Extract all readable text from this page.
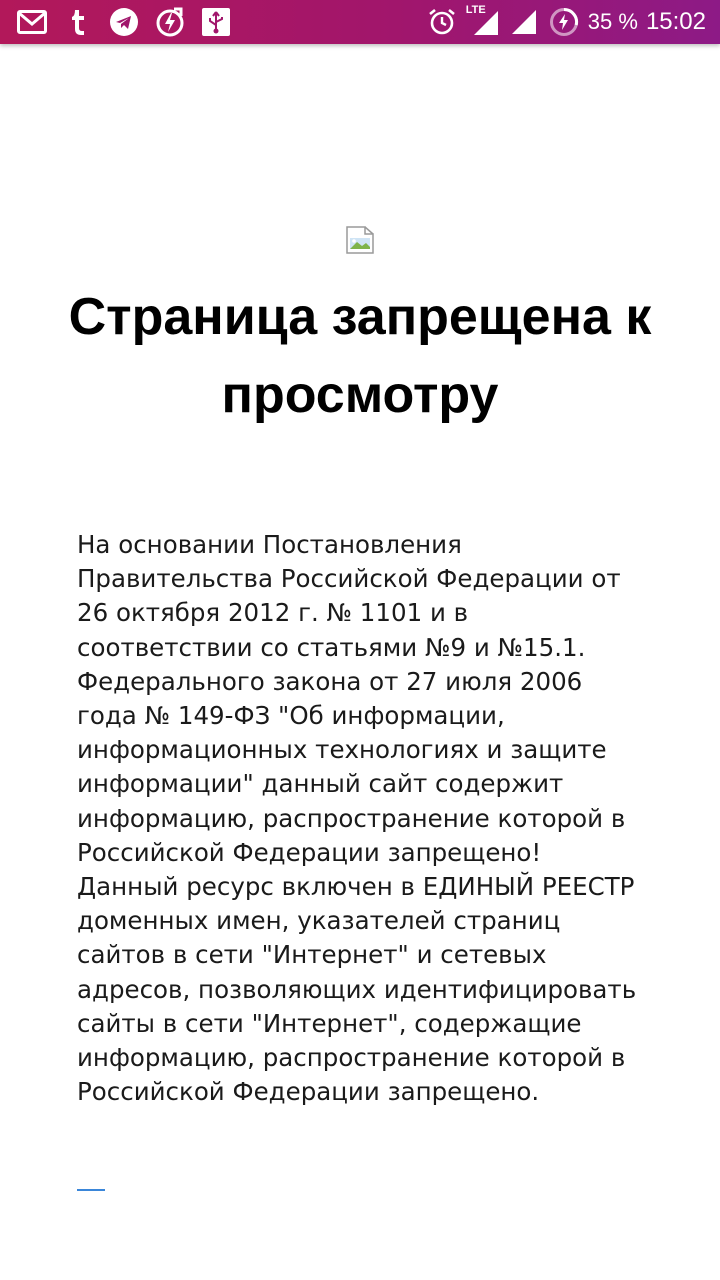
LTE	35 % 15:02
Страница запрещена к просмотру

На основании Постановления Правительства Российской Федерации от 26 октября 2012 г. № 1101 и в соответствии со статьями №9 и №15.1. Федерального закона от 27 июля 2006 года № 149-ФЗ "Об информации, информационных технологиях и защите информации" данный сайт содержит информацию, распространение которой в Российской Федерации запрещено! Данный ресурс включен в ЕДИНЫЙ РЕЕСТР доменных имен, указателей страниц сайтов в сети "Интернет" и сетевых адресов, позволяющих идентифицировать сайты в сети "Интернет", содержащие информацию, распространение которой в Российской Федерации запрещено.
